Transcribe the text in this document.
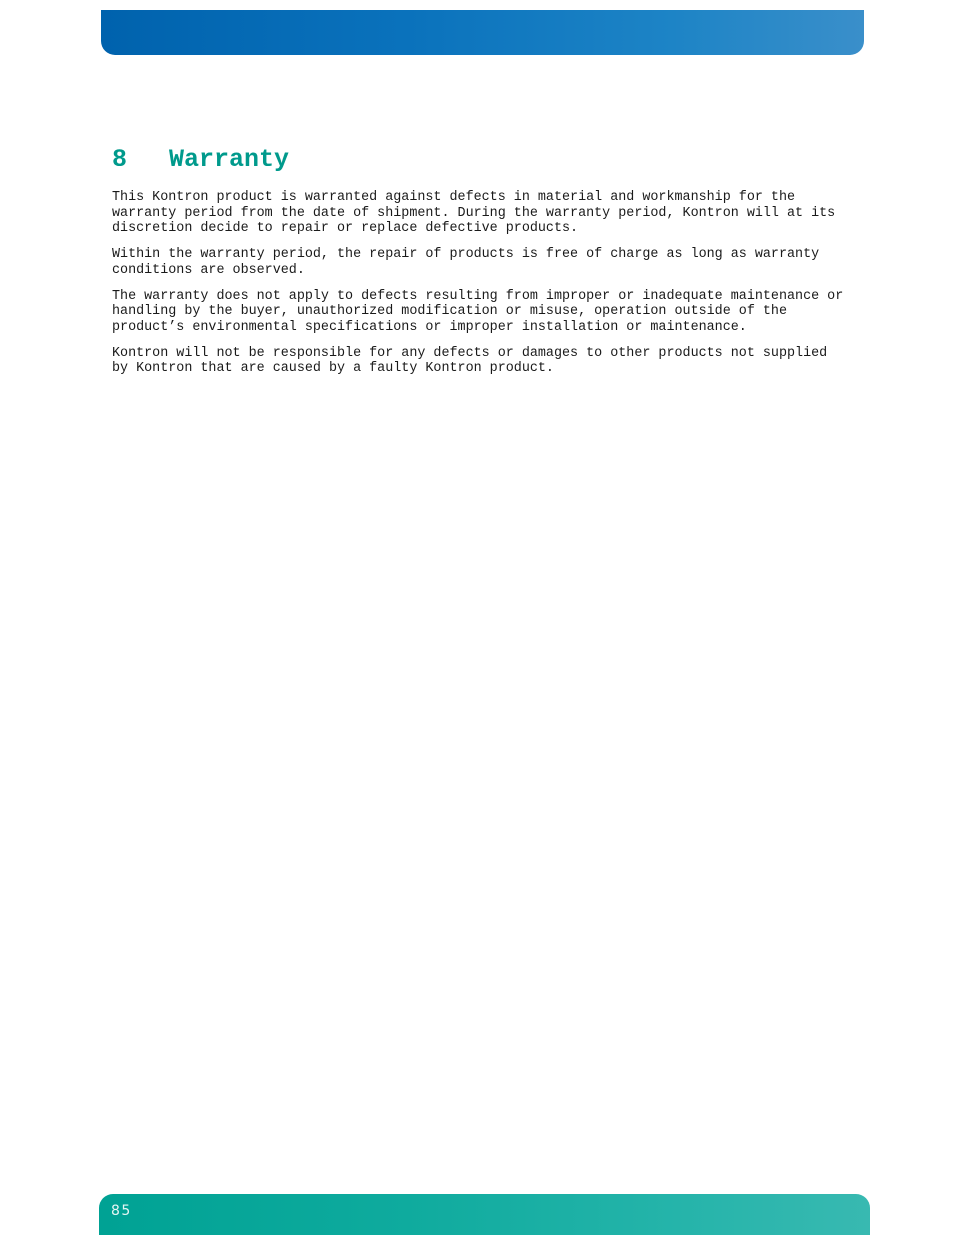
8 Warranty

This Kontron product is warranted against defects in material and workmanship for the warranty period from the date of shipment. During the warranty period, Kontron will at its discretion decide to repair or replace defective products.

Within the warranty period, the repair of products is free of charge as long as warranty conditions are observed.

The warranty does not apply to defects resulting from improper or inadequate maintenance or handling by the buyer, unauthorized modification or misuse, operation outside of the product’s environmental specifications or improper installation or maintenance.

Kontron will not be responsible for any defects or damages to other products not supplied by Kontron that are caused by a faulty Kontron product.

85
